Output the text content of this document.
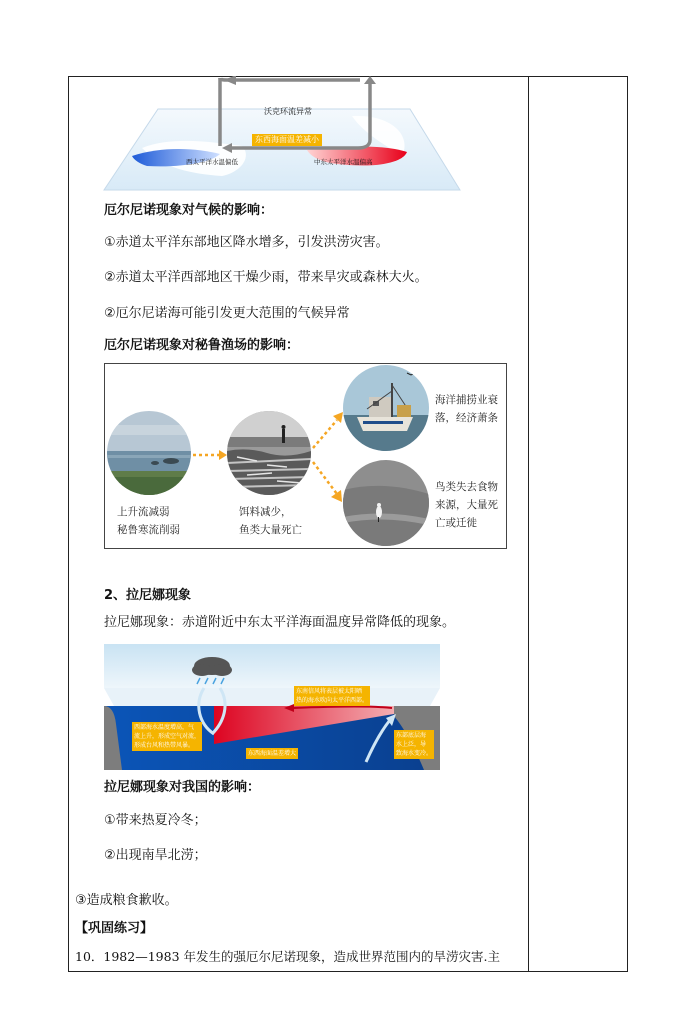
沃克环流异常
东西海面温差减小
西太平洋水温偏低	中东太平洋水温偏高
厄尔尼诺现象对气候的影响：
①赤道太平洋东部地区降水增多，引发洪涝灾害。
②赤道太平洋西部地区干燥少雨，带来旱灾或森林大火。
②厄尔尼诺海可能引发更大范围的气候异常
厄尔尼诺现象对秘鲁渔场的影响：
上升流减弱
秘鲁寒流削弱
饵料减少，
鱼类大量死亡
海洋捕捞业衰
落，经济萧条
鸟类失去食物
来源，大量死
亡或迁徙
2、拉尼娜现象
拉尼娜现象：赤道附近中东太平洋海面温度异常降低的现象。
东南信风将表层被太阳晒
热的海水吹向太平洋西部。
西部海水温度增高，气
流上升，形成空气对流，
形成台风和热带风暴。
东西海面温差增大
东部底层海
水上泛，导
致海水变冷。
拉尼娜现象对我国的影响：
①带来热夏冷冬；
②出现南旱北涝；
③造成粮食歉收。
【巩固练习】
10．1982—1983 年发生的强厄尔尼诺现象，造成世界范围内的旱涝灾害.主
